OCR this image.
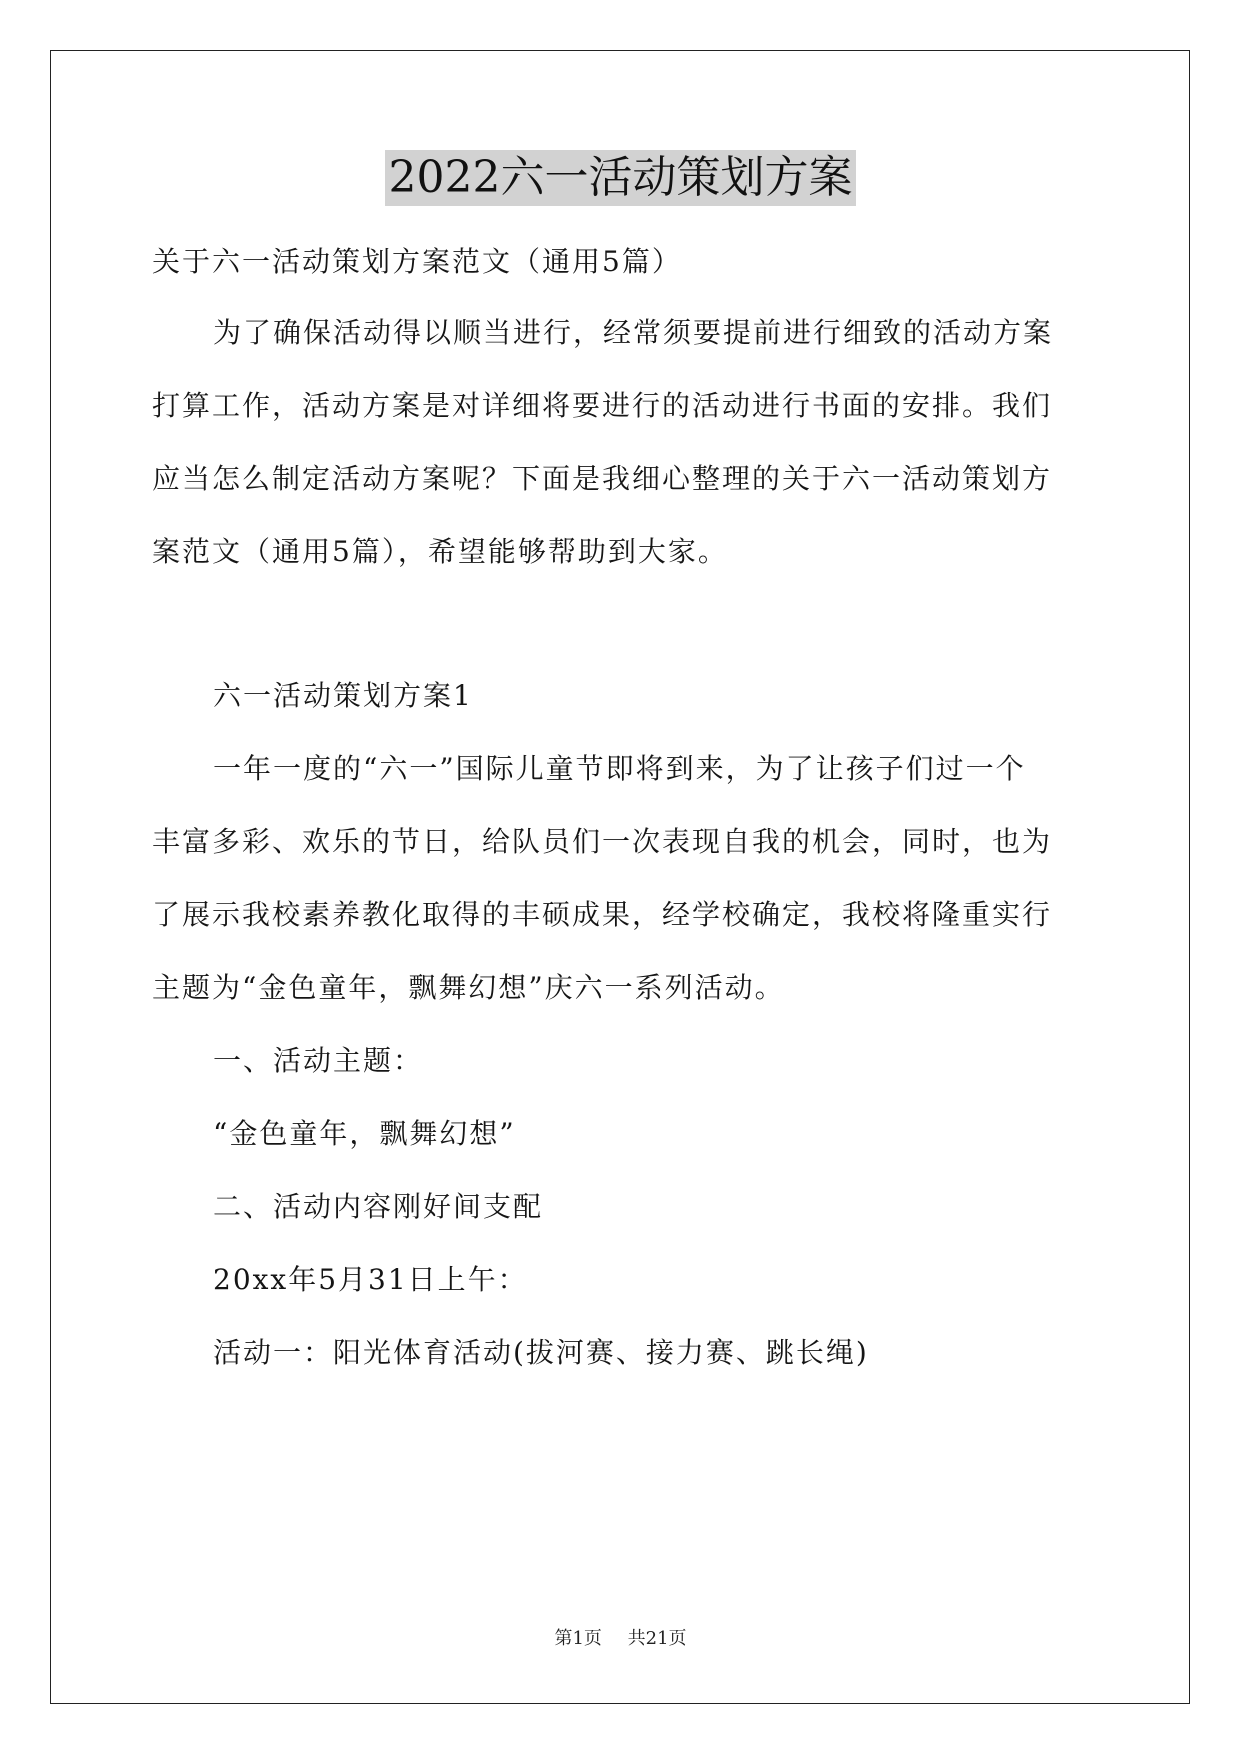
2022六一活动策划方案
关于六一活动策划方案范文（通用5篇）
为了确保活动得以顺当进行，经常须要提前进行细致的活动方案
打算工作，活动方案是对详细将要进行的活动进行书面的安排。我们
应当怎么制定活动方案呢？下面是我细心整理的关于六一活动策划方
案范文（通用5篇），希望能够帮助到大家。
六一活动策划方案1
一年一度的“六一”国际儿童节即将到来，为了让孩子们过一个
丰富多彩、欢乐的节日，给队员们一次表现自我的机会，同时，也为
了展示我校素养教化取得的丰硕成果，经学校确定，我校将隆重实行
主题为“金色童年，飘舞幻想”庆六一系列活动。
一、活动主题：
“金色童年，飘舞幻想”
二、活动内容刚好间支配
20xx年5月31日上午：
活动一：阳光体育活动(拔河赛、接力赛、跳长绳)
第1页 共21页
